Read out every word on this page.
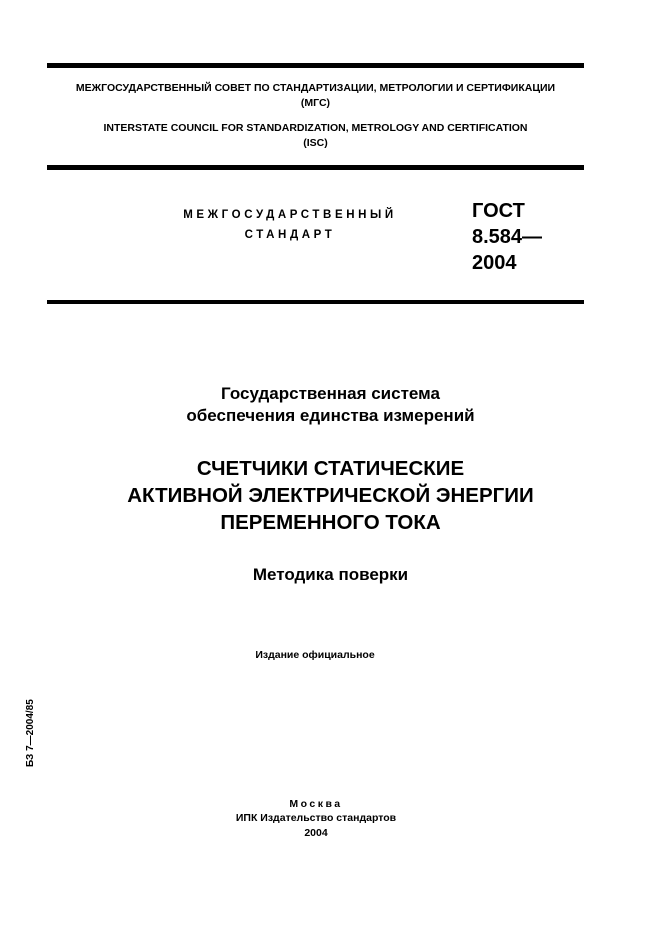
МЕЖГОСУДАРСТВЕННЫЙ СОВЕТ ПО СТАНДАРТИЗАЦИИ, МЕТРОЛОГИИ И СЕРТИФИКАЦИИ
(МГС)
INTERSTATE COUNCIL FOR STANDARDIZATION, METROLOGY AND CERTIFICATION
(ISC)
МЕЖГОСУДАРСТВЕННЫЙ
СТАНДАРТ
ГОСТ
8.584—
2004
Государственная система
обеспечения единства измерений
СЧЕТЧИКИ СТАТИЧЕСКИЕ
АКТИВНОЙ ЭЛЕКТРИЧЕСКОЙ ЭНЕРГИИ
ПЕРЕМЕННОГО ТОКА
Методика поверки
Издание официальное
БЗ 7—2004/85
Москва
ИПК Издательство стандартов
2004
